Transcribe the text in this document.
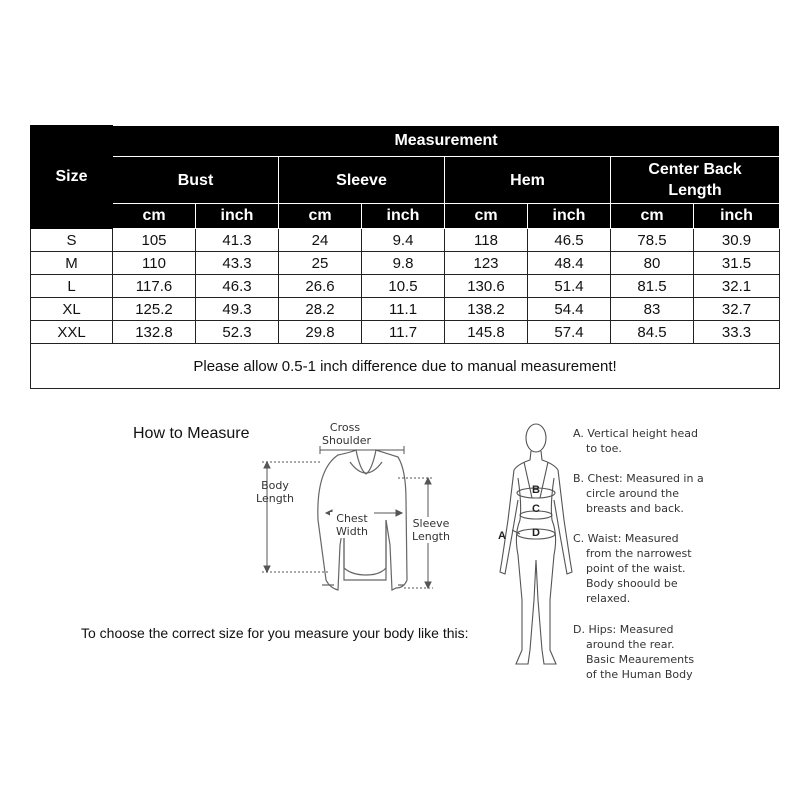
Size	Measurement							
	Bust		Sleeve		Hem		Center Back Length	
	cm	inch	cm	inch	cm	inch	cm	inch
S	105	41.3	24	9.4	118	46.5	78.5	30.9
M	110	43.3	25	9.8	123	48.4	80	31.5
L	117.6	46.3	26.6	10.5	130.6	51.4	81.5	32.1
XL	125.2	49.3	28.2	11.1	138.2	54.4	83	32.7
XXL	132.8	52.3	29.8	11.7	145.8	57.4	84.5	33.3
Please allow 0.5-1 inch difference due to manual measurement!								
How to Measure
To choose the correct size for you measure your body like this:
Cross
Shoulder
Body
Length
Chest
Width
Sleeve
Length	A
B
C
D
A. Vertical height head
to toe.
B. Chest: Measured in a
circle around the
breasts and back.
C. Waist: Measured
from the narrowest
point of the waist.
Body shoould be
relaxed.
D. Hips: Measured
around the rear.
Basic Meaurements
of the Human Body
